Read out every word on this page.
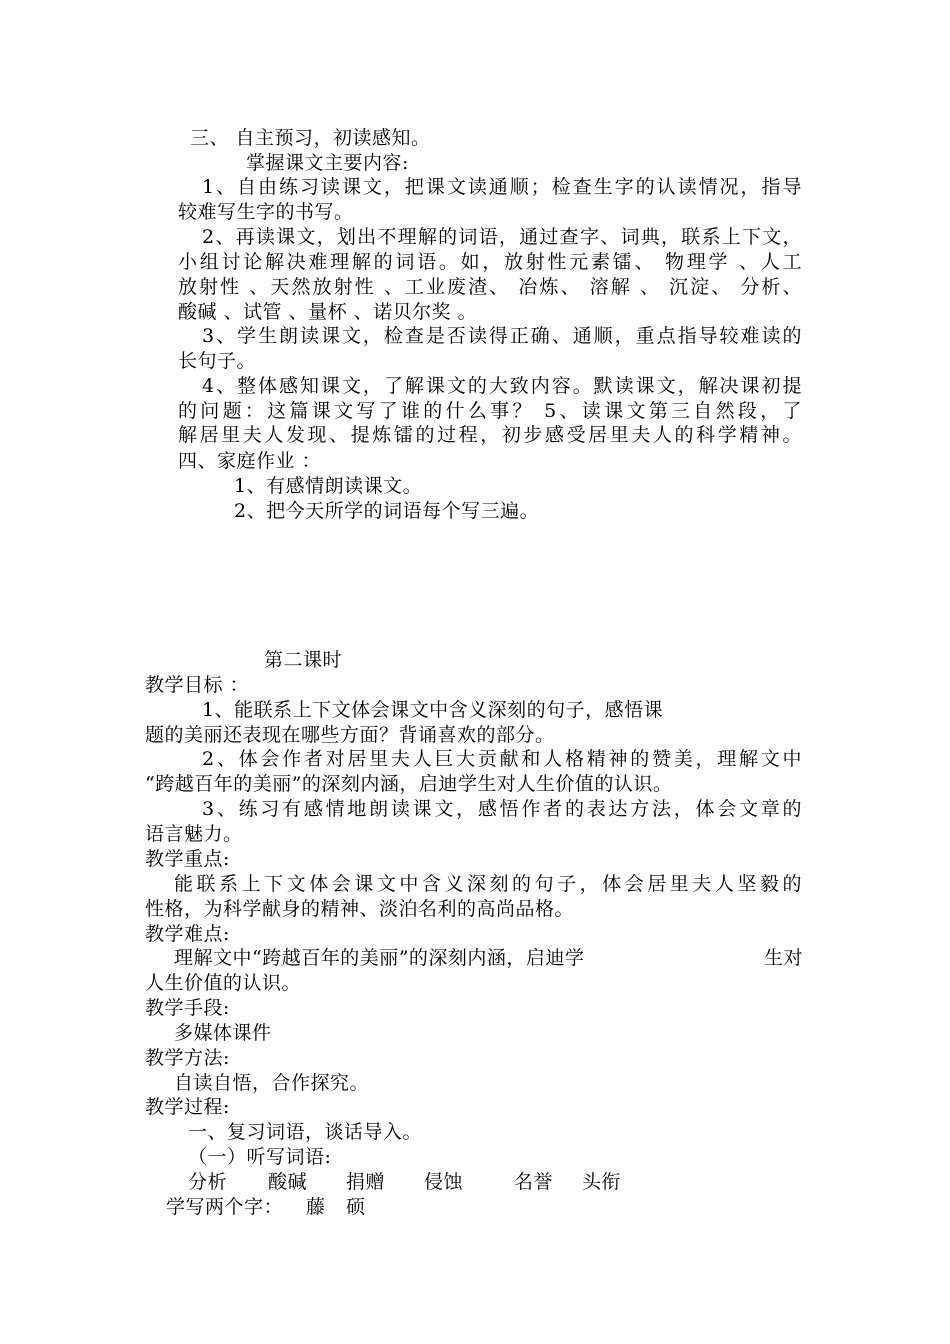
三、 自主预习，初读感知。
掌握课文主要内容:
1、自由练习读课文，把课文读通顺；检查生字的认读情况，指导
较难写生字的书写。
2、再读课文，划出不理解的词语，通过查字、词典，联系上下文，
小组讨论解决难理解的词语。如，放射性元素镭、 物理学 、人工
放射性 、天然放射性 、工业废渣、 冶炼、 溶解 、 沉淀、 分析、
酸碱 、试管 、量杯 、诺贝尔奖 。
3、学生朗读课文，检查是否读得正确、通顺，重点指导较难读的
长句子。
4、整体感知课文，了解课文的大致内容。默读课文，解决课初提
的问题：这篇课文写了谁的什么事？ 5、读课文第三自然段，了
解居里夫人发现、提炼镭的过程，初步感受居里夫人的科学精神。
四、家庭作业 ：
1、有感情朗读课文。
2、把今天所学的词语每个写三遍。
第二课时
教学目标 ：
1、能联系上下文体会课文中含义深刻的句子，感悟课
题的美丽还表现在哪些方面？背诵喜欢的部分。
2、体会作者对居里夫人巨大贡献和人格精神的赞美，理解文中
“跨越百年的美丽”的深刻内涵，启迪学生对人生价值的认识。
3、练习有感情地朗读课文，感悟作者的表达方法，体会文章的
语言魅力。
教学重点:
能联系上下文体会课文中含义深刻的句子，体会居里夫人坚毅的
性格，为科学献身的精神、淡泊名利的高尚品格。
教学难点:
理解文中“跨越百年的美丽”的深刻内涵，启迪学	生对
人生价值的认识。
教学手段:
多媒体课件
教学方法:
自读自悟，合作探究。
教学过程:
一、复习词语，谈话导入。
（一）听写词语:
分析 酸碱 捐赠 侵蚀	名誉 头衔
学写两个字： 藤 硕
